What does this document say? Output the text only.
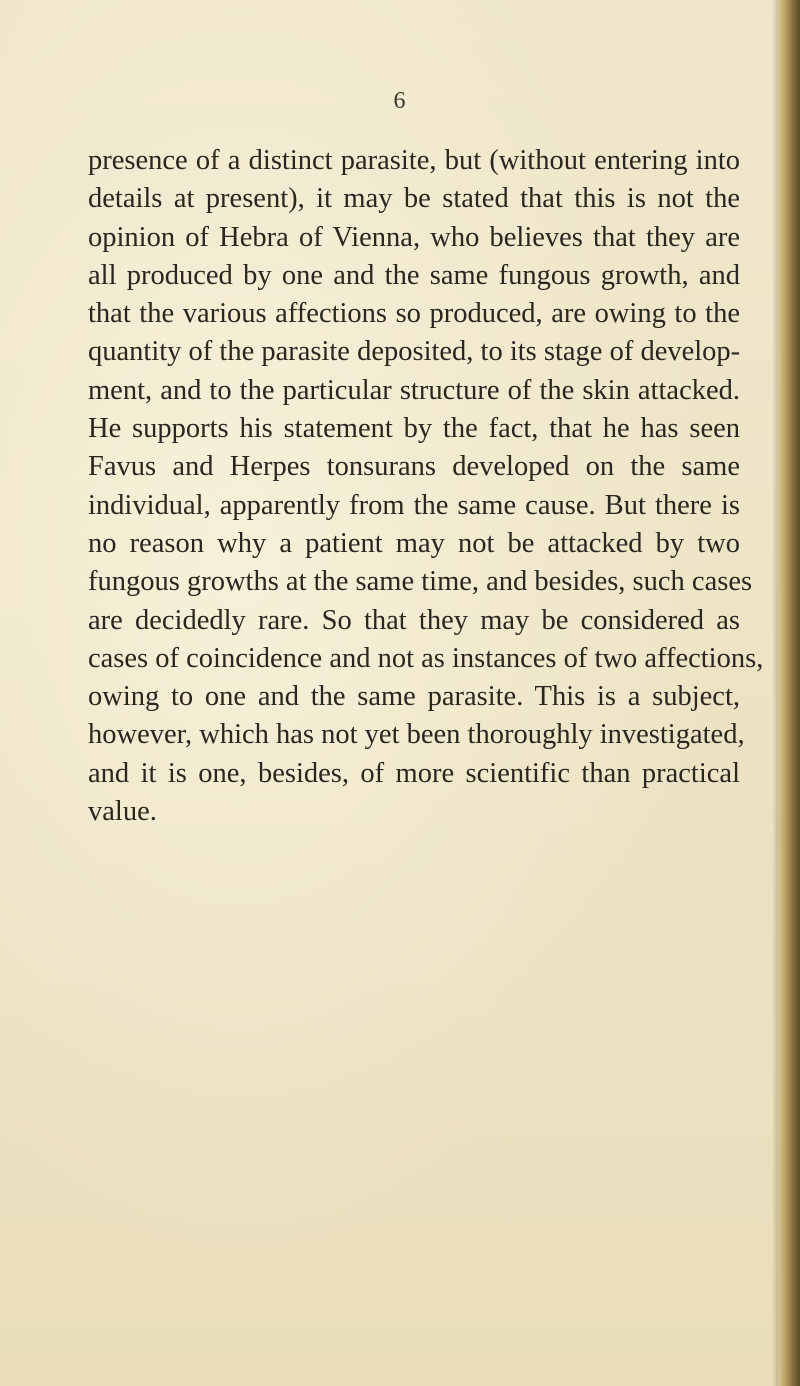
6
presence of a distinct parasite, but (without entering into
details at present), it may be stated that this is not the
opinion of Hebra of Vienna, who believes that they are
all produced by one and the same fungous growth, and
that the various affections so produced, are owing to the
quantity of the parasite deposited, to its stage of develop-
ment, and to the particular structure of the skin attacked.
He supports his statement by the fact, that he has seen
Favus and Herpes tonsurans developed on the same
individual, apparently from the same cause. But there is
no reason why a patient may not be attacked by two
fungous growths at the same time, and besides, such cases
are decidedly rare. So that they may be considered as
cases of coincidence and not as instances of two affections,
owing to one and the same parasite. This is a subject,
however, which has not yet been thoroughly investigated,
and it is one, besides, of more scientific than practical
value.
